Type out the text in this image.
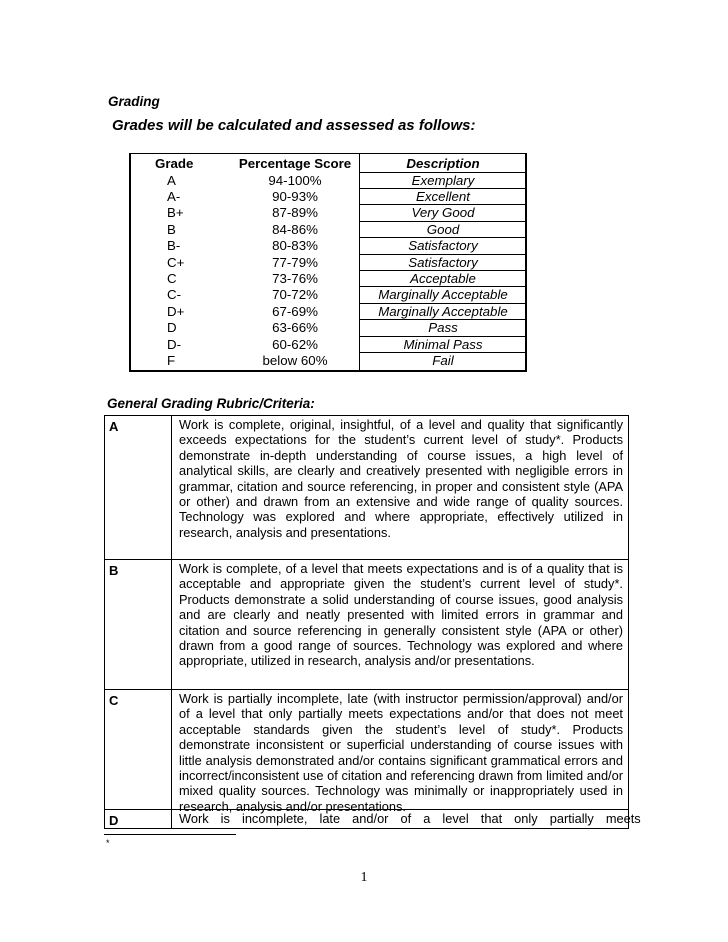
Grading
Grades will be calculated and assessed as follows:
Grade	Percentage Score	Description
A	94-100%	Exemplary
A-	90-93%	Excellent
B+	87-89%	Very Good
B	84-86%	Good
B-	80-83%	Satisfactory
C+	77-79%	Satisfactory
C	73-76%	Acceptable
C-	70-72%	Marginally Acceptable
D+	67-69%	Marginally Acceptable
D	63-66%	Pass
D-	60-62%	Minimal Pass
F	below 60%	Fail
General Grading Rubric/Criteria:
A	Work is complete, original, insightful, of a level and quality that significantly exceeds expectations for the student’s current level of study*. Products demonstrate in-depth understanding of course issues, a high level of analytical skills, are clearly and creatively presented with negligible errors in grammar, citation and source referencing, in proper and consistent style (APA or other) and drawn from an extensive and wide range of quality sources. Technology was explored and where appropriate, effectively utilized in research, analysis and presentations.
B	Work is complete, of a level that meets expectations and is of a quality that is acceptable and appropriate given the student’s current level of study*. Products demonstrate a solid understanding of course issues, good analysis and are clearly and neatly presented with limited errors in grammar and citation and source referencing in generally consistent style (APA or other) drawn from a good range of sources. Technology was explored and where appropriate, utilized in research, analysis and/or presentations.
C	Work is partially incomplete, late (with instructor permission/approval) and/or of a level that only partially meets expectations and/or that does not meet acceptable standards given the student’s level of study*. Products demonstrate inconsistent or superficial understanding of course issues with little analysis demonstrated and/or contains significant grammatical errors and incorrect/inconsistent use of citation and referencing drawn from limited and/or mixed quality sources. Technology was minimally or inappropriately used in research, analysis and/or presentations.
D	Work is incomplete, late and/or of a level that only partially meets
*
1
